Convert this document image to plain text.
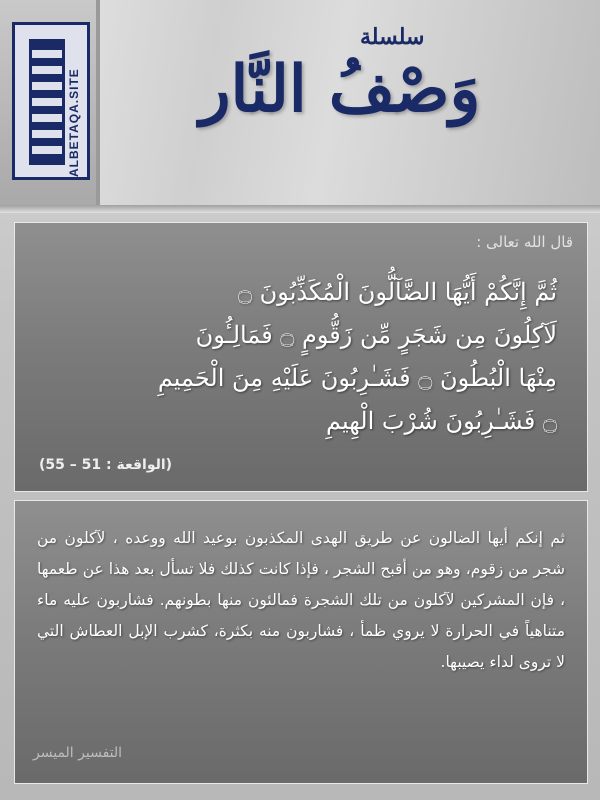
ALBETAQA.SITE
سلسلة
وَصْفُ النَّار
قال الله تعالى :
ثُمَّ إِنَّكُمْ أَيُّهَا الضَّآلُّونَ الْمُكَذِّبُونَ ۝
لَآكِلُونَ مِن شَجَرٍ مِّن زَقُّومٍ ۝ فَمَالِـُٔونَ
مِنْهَا الْبُطُونَ ۝ فَشَـٰرِبُونَ عَلَيْهِ مِنَ الْحَمِيمِ
۝ فَشَـٰرِبُونَ شُرْبَ الْهِيمِ
(الواقعة : 51 – 55)
ثم إنكم أيها الضالون عن طريق الهدى المكذبون بوعيد الله ووعده ، لآكلون من شجر من زقوم، وهو من أقبح الشجر ، فإذا كانت كذلك فلا تسأل بعد هذا عن طعمها ، فإن المشركين لآكلون من تلك الشجرة فمالئون منها بطونهم. فشاربون عليه ماء متناهياً في الحرارة لا يروي ظمأ ، فشاربون منه بكثرة، كشرب الإبل العطاش التي لا تروى لداء يصيبها.
التفسير الميسر
